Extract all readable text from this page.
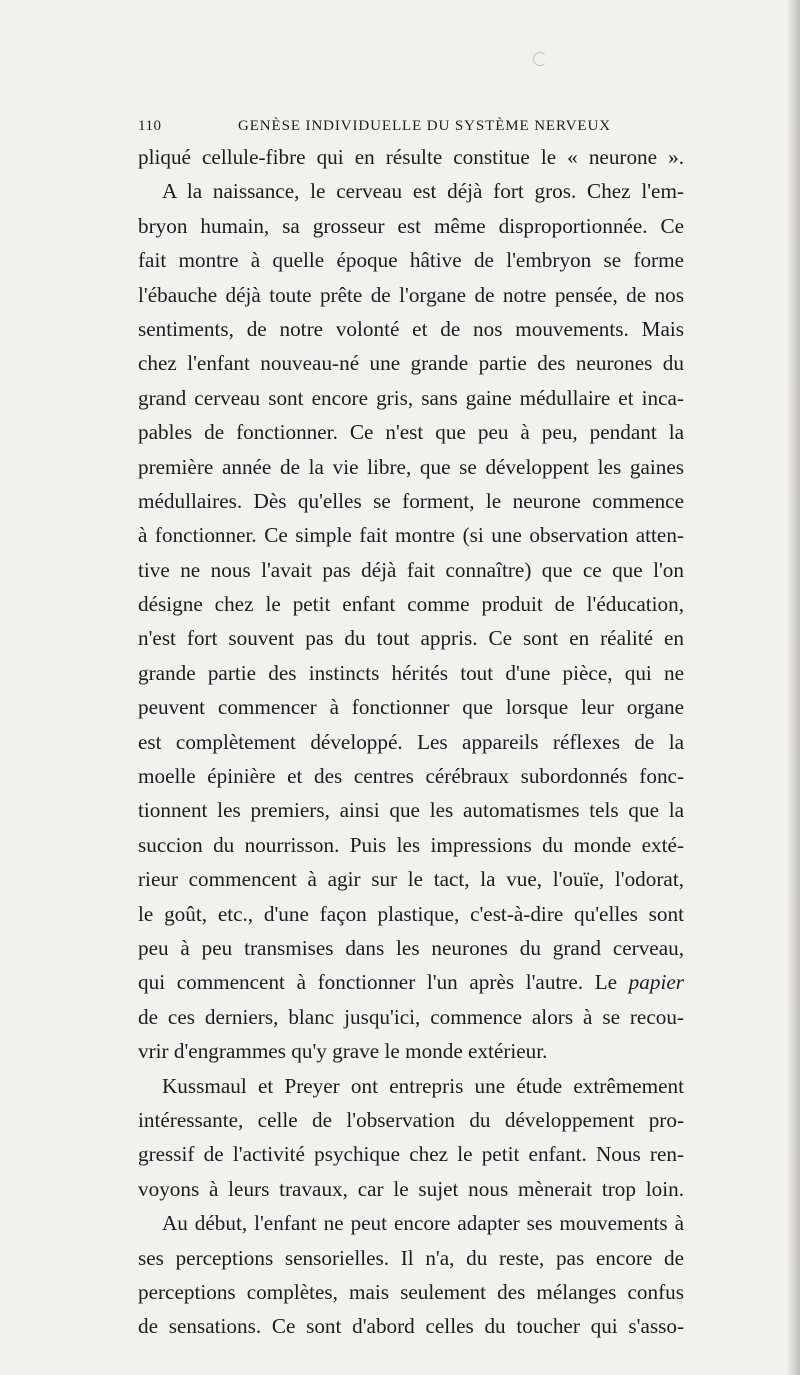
110	GENÈSE INDIVIDUELLE DU SYSTÈME NERVEUX
pliqué cellule-fibre qui en résulte constitue le « neurone ».
A la naissance, le cerveau est déjà fort gros. Chez l'em-
bryon humain, sa grosseur est même disproportionnée. Ce
fait montre à quelle époque hâtive de l'embryon se forme
l'ébauche déjà toute prête de l'organe de notre pensée, de nos
sentiments, de notre volonté et de nos mouvements. Mais
chez l'enfant nouveau-né une grande partie des neurones du
grand cerveau sont encore gris, sans gaine médullaire et inca-
pables de fonctionner. Ce n'est que peu à peu, pendant la
première année de la vie libre, que se développent les gaines
médullaires. Dès qu'elles se forment, le neurone commence
à fonctionner. Ce simple fait montre (si une observation atten-
tive ne nous l'avait pas déjà fait connaître) que ce que l'on
désigne chez le petit enfant comme produit de l'éducation,
n'est fort souvent pas du tout appris. Ce sont en réalité en
grande partie des instincts hérités tout d'une pièce, qui ne
peuvent commencer à fonctionner que lorsque leur organe
est complètement développé. Les appareils réflexes de la
moelle épinière et des centres cérébraux subordonnés fonc-
tionnent les premiers, ainsi que les automatismes tels que la
succion du nourrisson. Puis les impressions du monde exté-
rieur commencent à agir sur le tact, la vue, l'ouïe, l'odorat,
le goût, etc., d'une façon plastique, c'est-à-dire qu'elles sont
peu à peu transmises dans les neurones du grand cerveau,
qui commencent à fonctionner l'un après l'autre. Le papier
de ces derniers, blanc jusqu'ici, commence alors à se recou-
vrir d'engrammes qu'y grave le monde extérieur.
Kussmaul et Preyer ont entrepris une étude extrêmement
intéressante, celle de l'observation du développement pro-
gressif de l'activité psychique chez le petit enfant. Nous ren-
voyons à leurs travaux, car le sujet nous mènerait trop loin.
Au début, l'enfant ne peut encore adapter ses mouvements à
ses perceptions sensorielles. Il n'a, du reste, pas encore de
perceptions complètes, mais seulement des mélanges confus
de sensations. Ce sont d'abord celles du toucher qui s'asso-
